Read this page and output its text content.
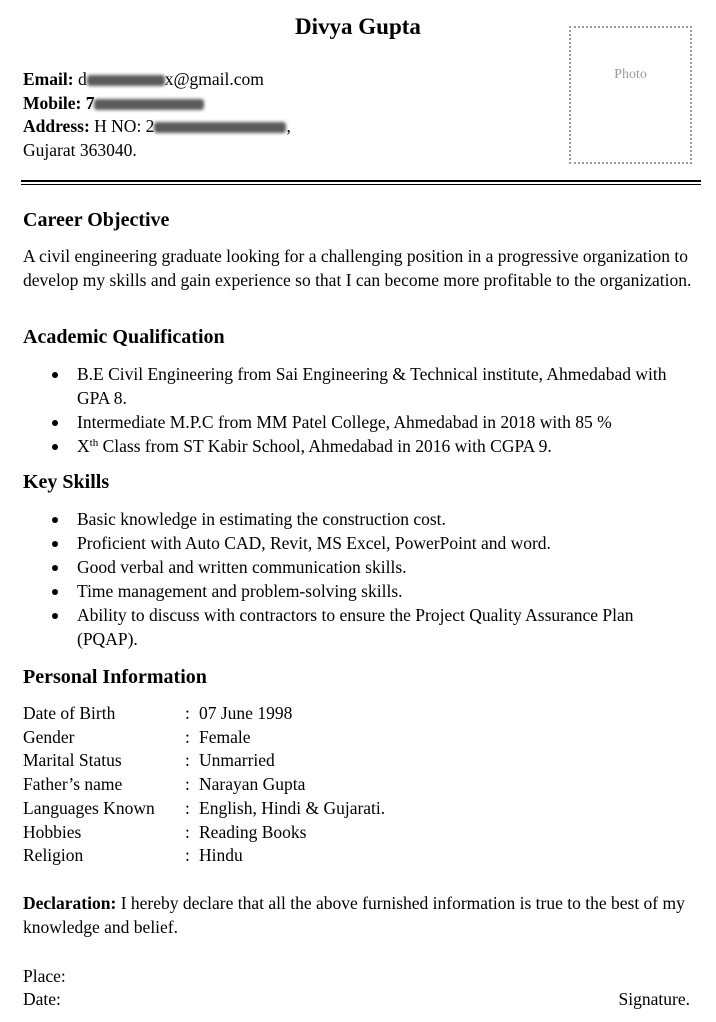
Divya Gupta
Email: d	x@gmail.com
Mobile: 7
Address: H NO: 2	,
Gujarat 363040.
Photo
Career Objective

A civil engineering graduate looking for a challenging position in a progressive organization to develop my skills and gain experience so that I can become more profitable to the organization.

Academic Qualification
B.E Civil Engineering from Sai Engineering & Technical institute, Ahmedabad with GPA 8.
Intermediate M.P.C from MM Patel College, Ahmedabad in 2018 with 85 %
Xth Class from ST Kabir School, Ahmedabad in 2016 with CGPA 9.
Key Skills
Basic knowledge in estimating the construction cost.
Proficient with Auto CAD, Revit, MS Excel, PowerPoint and word.
Good verbal and written communication skills.
Time management and problem-solving skills.
Ability to discuss with contractors to ensure the Project Quality Assurance Plan (PQAP).
Personal Information
Date of Birth	:	07 June 1998
Gender	:	Female
Marital Status	:	Unmarried
Father’s name	:	Narayan Gupta
Languages Known	:	English, Hindi & Gujarati.
Hobbies	:	Reading Books
Religion	:	Hindu

Declaration: I hereby declare that all the above furnished information is true to the best of my knowledge and belief.

Place:
Date:	Signature.
